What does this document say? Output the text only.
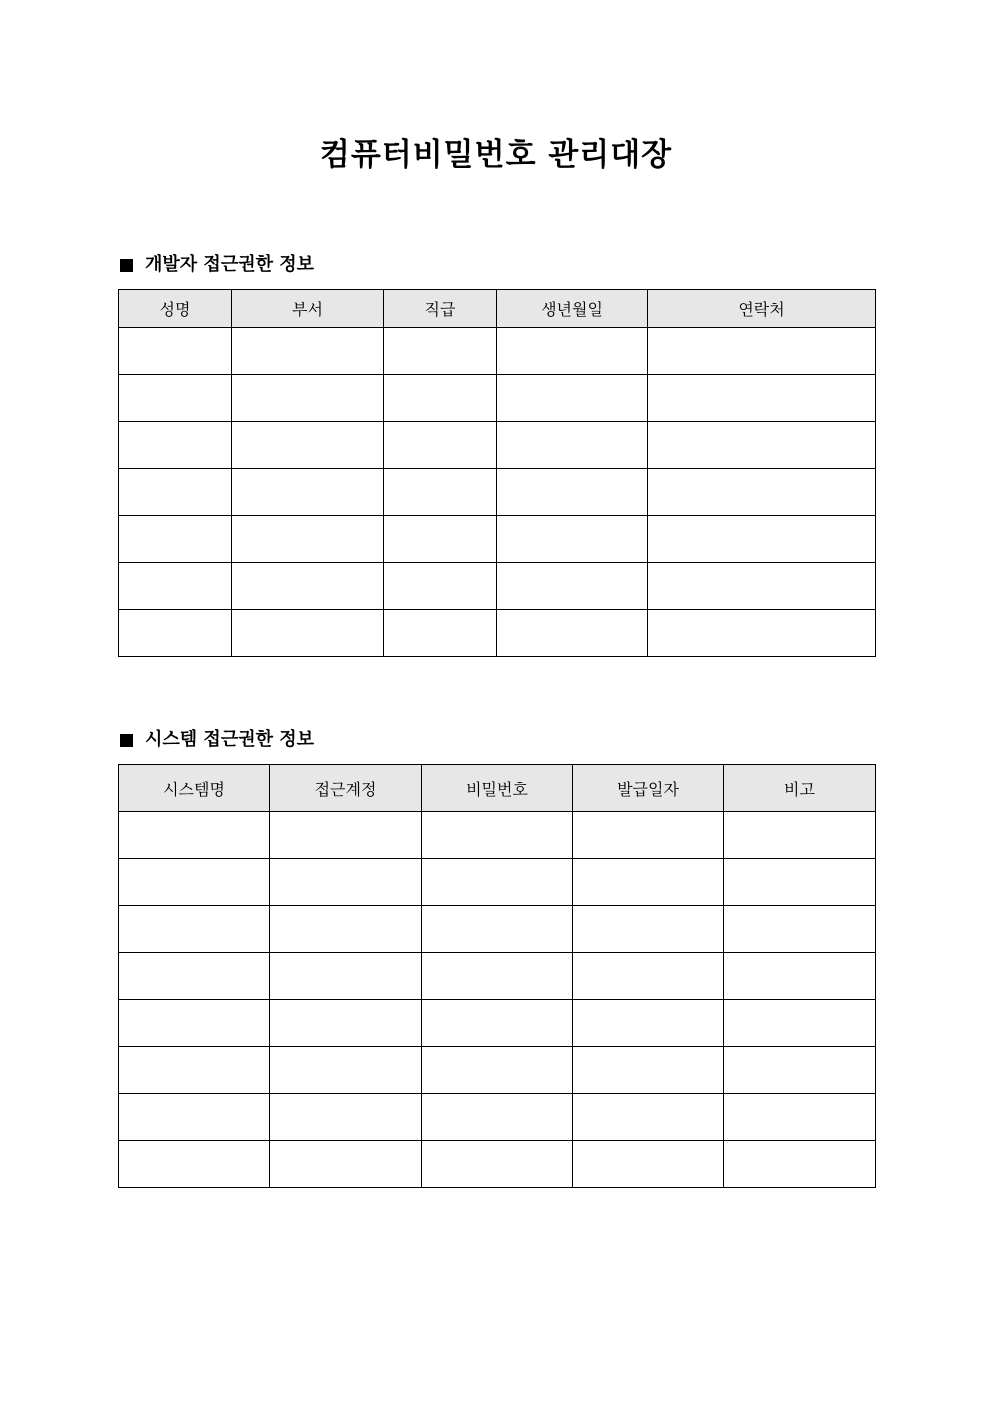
컴퓨터비밀번호 관리대장
개발자 접근권한 정보
성명	부서	직급	생년월일	연락처

시스템 접근권한 정보
시스템명	접근계정	비밀번호	발급일자	비고
